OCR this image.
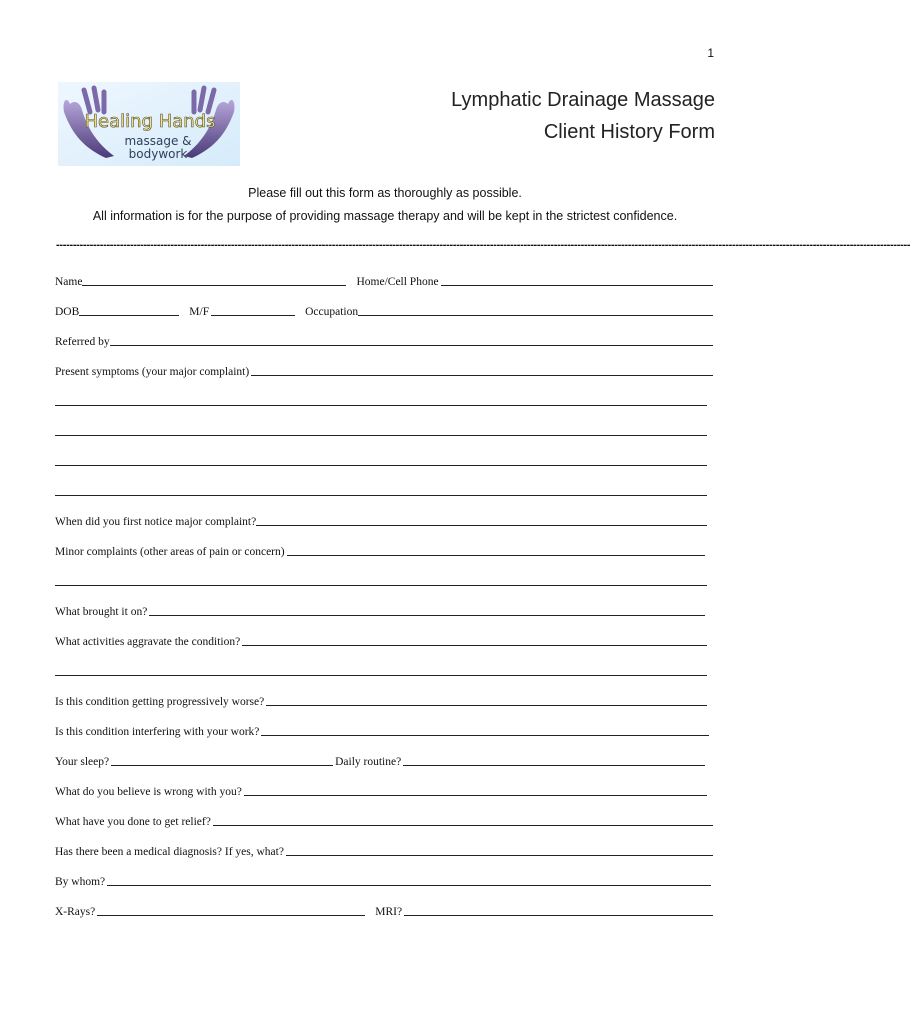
1
Healing Hands
massage &
bodywork
Lymphatic Drainage Massage
Client History Form
Please fill out this form as thoroughly as possible.
All information is for the purpose of providing massage therapy and will be kept in the strictest confidence.
--------------------------------------------------------------------------------------------------------------------------------------------------------------------------------------------------------------------------------------------------------------
Name	Home/Cell Phone
DOB	M/F	Occupation
Referred by
Present symptoms (your major complaint)
When did you first notice major complaint?
Minor complaints (other areas of pain or concern)
What brought it on?
What activities aggravate the condition?
Is this condition getting progressively worse?
Is this condition interfering with your work?
Your sleep?	Daily routine?
What do you believe is wrong with you?
What have you done to get relief?
Has there been a medical diagnosis? If yes, what?
By whom?
X-Rays?	MRI?
